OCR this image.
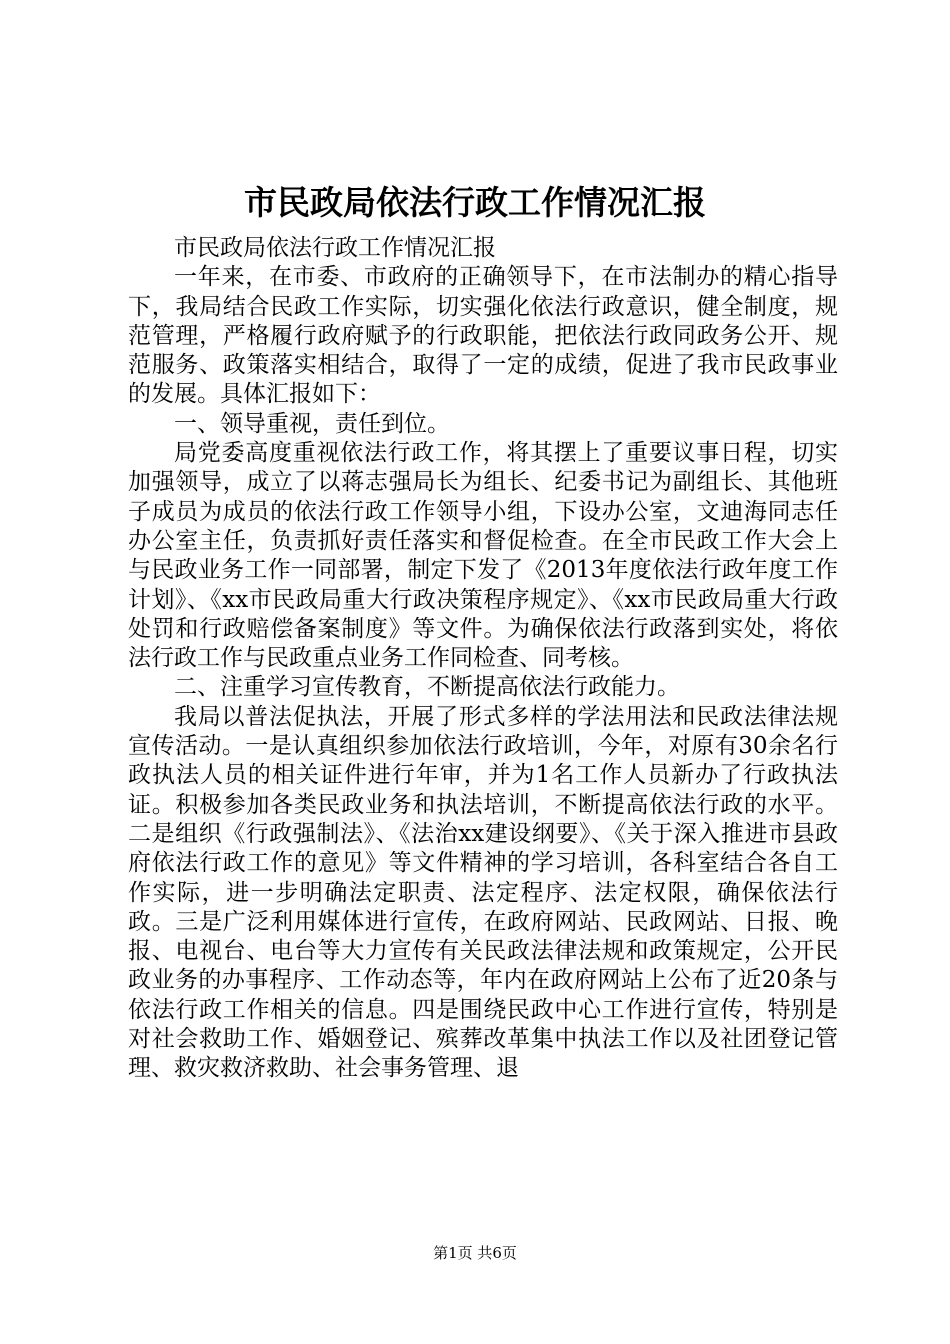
市民政局依法行政工作情况汇报

市民政局依法行政工作情况汇报

一年来，在市委、市政府的正确领导下，在市法制办的精心指导下，我局结合民政工作实际，切实强化依法行政意识，健全制度，规范管理，严格履行政府赋予的行政职能，把依法行政同政务公开、规范服务、政策落实相结合，取得了一定的成绩，促进了我市民政事业的发展。具体汇报如下：

一、领导重视，责任到位。

局党委高度重视依法行政工作，将其摆上了重要议事日程，切实加强领导，成立了以蒋志强局长为组长、纪委书记为副组长、其他班子成员为成员的依法行政工作领导小组，下设办公室，文迪海同志任办公室主任，负责抓好责任落实和督促检查。在全市民政工作大会上与民政业务工作一同部署，制定下发了《2013年度依法行政年度工作计划》、《xx市民政局重大行政决策程序规定》、《xx市民政局重大行政处罚和行政赔偿备案制度》等文件。为确保依法行政落到实处，将依法行政工作与民政重点业务工作同检查、同考核。

二、注重学习宣传教育，不断提高依法行政能力。

我局以普法促执法，开展了形式多样的学法用法和民政法律法规宣传活动。一是认真组织参加依法行政培训，今年，对原有30余名行政执法人员的相关证件进行年审，并为1名工作人员新办了行政执法证。积极参加各类民政业务和执法培训，不断提高依法行政的水平。二是组织《行政强制法》、《法治xx建设纲要》、《关于深入推进市县政府依法行政工作的意见》等文件精神的学习培训，各科室结合各自工作实际，进一步明确法定职责、法定程序、法定权限，确保依法行政。三是广泛利用媒体进行宣传，在政府网站、民政网站、日报、晚报、电视台、电台等大力宣传有关民政法律法规和政策规定，公开民政业务的办事程序、工作动态等，年内在政府网站上公布了近20条与依法行政工作相关的信息。四是围绕民政中心工作进行宣传，特别是对社会救助工作、婚姻登记、殡葬改革集中执法工作以及社团登记管理、救灾救济救助、社会事务管理、退

第1页 共6页
